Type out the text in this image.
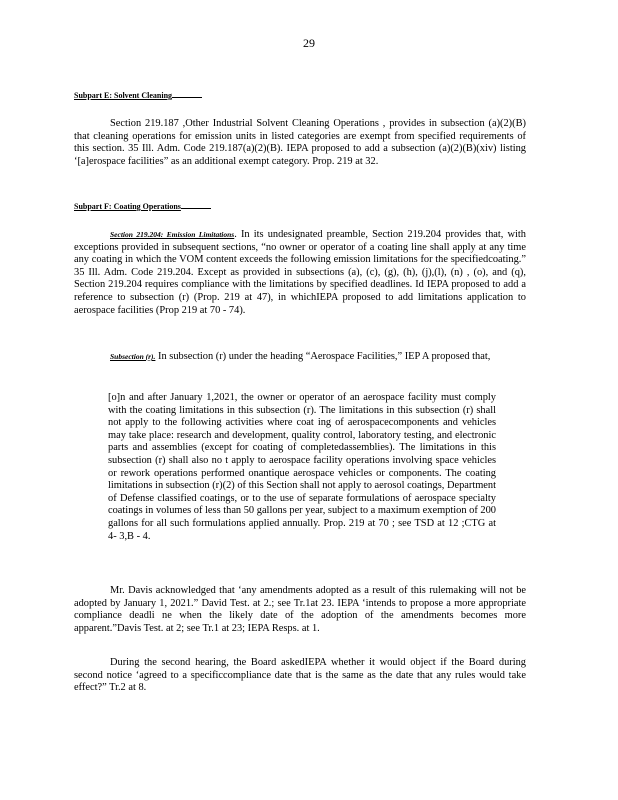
29
Subpart E: Solvent Cleaning

Section 219.187 ,Other Industrial Solvent Cleaning Operations , provides in subsection (a)(2)(B) that cleaning operations for emission units in listed categories are exempt from specified requirements of this section. 35 Ill. Adm. Code 219.187(a)(2)(B). IEPA proposed to add a subsection (a)(2)(B)(xiv) listing ‘[a]erospace facilities” as an additional exempt category. Prop. 219 at 32.

Subpart F: Coating Operations

Section 219.204: Emission Limitations. In its undesignated preamble, Section 219.204 provides that, with exceptions provided in subsequent sections, “no owner or operator of a coating line shall apply at any time any coating in which the VOM content exceeds the following emission limitations for the specifiedcoating.” 35 Ill. Adm. Code 219.204. Except as provided in subsections (a), (c), (g), (h), (j),(l), (n) , (o), and (q), Section 219.204 requires compliance with the limitations by specified deadlines. Id IEPA proposed to add a reference to subsection (r) (Prop. 219 at 47), in whichIEPA proposed to add limitations application to aerospace facilities (Prop 219 at 70 - 74).

Subsection (r). In subsection (r) under the heading “Aerospace Facilities,” IEP A proposed that,

[o]n and after January 1,2021, the owner or operator of an aerospace facility must comply with the coating limitations in this subsection (r). The limitations in this subsection (r) shall not apply to the following activities where coat ing of aerospacecomponents and vehicles may take place: research and development, quality control, laboratory testing, and electronic parts and assemblies (except for coating of completedassemblies). The limitations in this subsection (r) shall also no t apply to aerospace facility operations involving space vehicles or rework operations performed onantique aerospace vehicles or components. The coating limitations in subsection (r)(2) of this Section shall not apply to aerosol coatings, Department of Defense classified coatings, or to the use of separate formulations of aerospace specialty coatings in volumes of less than 50 gallons per year, subject to a maximum exemption of 200 gallons for all such formulations applied annually. Prop. 219 at 70 ; see TSD at 12 ;CTG at 4- 3,B - 4.

Mr. Davis acknowledged that ‘any amendments adopted as a result of this rulemaking will not be adopted by January 1, 2021.” David Test. at 2.; see Tr.1at 23. IEPA ‘intends to propose a more appropriate compliance deadli ne when the likely date of the adoption of the amendments becomes more apparent.”Davis Test. at 2; see Tr.1 at 23; IEPA Resps. at 1.

During the second hearing, the Board askedIEPA whether it would object if the Board during second notice ‘agreed to a specificcompliance date that is the same as the date that any rules would take effect?” Tr.2 at 8.
